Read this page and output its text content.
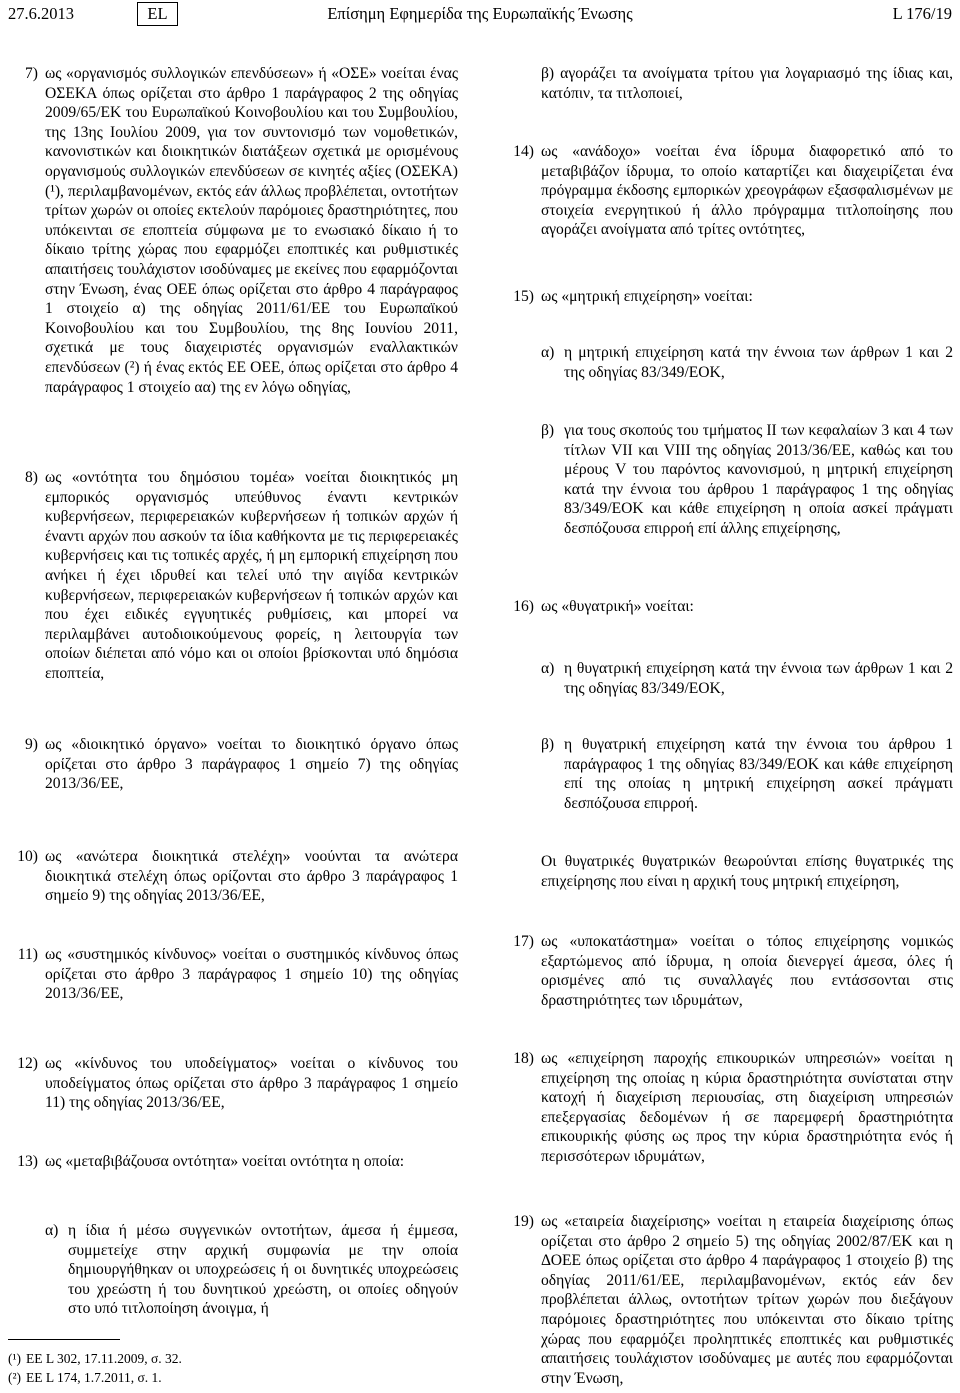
27.6.2013	EL	Επίσημη Εφημερίδα της Ευρωπαϊκής Ένωσης	L 176/19
7) ως «οργανισμός συλλογικών επενδύσεων» ή «ΟΣΕ» νοείται ένας ΟΣΕΚΑ όπως ορίζεται στο άρθρο 1 παράγραφος 2 της οδηγίας 2009/65/ΕΚ του Ευρωπαϊκού Κοινοβουλίου και του Συμβουλίου, της 13ης Ιουλίου 2009, για τον συντονισμό των νομοθετικών, κανονιστικών και διοικητικών διατάξεων σχετικά με ορισμένους οργανισμούς συλλογικών επενδύσεων σε κινητές αξίες (ΟΣΕΚΑ) (¹), περιλαμβανομένων, εκτός εάν άλλως προβλέπεται, οντοτήτων τρίτων χωρών οι οποίες εκτελούν παρόμοιες δραστηριότητες, που υπόκεινται σε εποπτεία σύμφωνα με το ενωσιακό δίκαιο ή το δίκαιο τρίτης χώρας που εφαρμόζει εποπτικές και ρυθμιστικές απαιτήσεις τουλάχιστον ισοδύναμες με εκείνες που εφαρμόζονται στην Ένωση, ένας ΟΕΕ όπως ορίζεται στο άρθρο 4 παράγραφος 1 στοιχείο α) της οδηγίας 2011/61/ΕΕ του Ευρωπαϊκού Κοινοβουλίου και του Συμβουλίου, της 8ης Ιουνίου 2011, σχετικά με τους διαχειριστές οργανισμών εναλλακτικών επενδύσεων (²) ή ένας εκτός ΕΕ ΟΕΕ, όπως ορίζεται στο άρθρο 4 παράγραφος 1 στοιχείο αα) της εν λόγω οδηγίας,
8) ως «οντότητα του δημόσιου τομέα» νοείται διοικητικός μη εμπορικός οργανισμός υπεύθυνος έναντι κεντρικών κυβερνήσεων, περιφερειακών κυβερνήσεων ή τοπικών αρχών ή έναντι αρχών που ασκούν τα ίδια καθήκοντα με τις περιφερειακές κυβερνήσεις και τις τοπικές αρχές, ή μη εμπορική επιχείρηση που ανήκει ή έχει ιδρυθεί και τελεί υπό την αιγίδα κεντρικών κυβερνήσεων, περιφερειακών κυβερνήσεων ή τοπικών αρχών και που έχει ειδικές εγγυητικές ρυθμίσεις, και μπορεί να περιλαμβάνει αυτοδιοικούμενους φορείς, η λειτουργία των οποίων διέπεται από νόμο και οι οποίοι βρίσκονται υπό δημόσια εποπτεία,
9) ως «διοικητικό όργανο» νοείται το διοικητικό όργανο όπως ορίζεται στο άρθρο 3 παράγραφος 1 σημείο 7) της οδηγίας 2013/36/ΕΕ,
10) ως «ανώτερα διοικητικά στελέχη» νοούνται τα ανώτερα διοικητικά στελέχη όπως ορίζονται στο άρθρο 3 παράγραφος 1 σημείο 9) της οδηγίας 2013/36/ΕΕ,
11) ως «συστημικός κίνδυνος» νοείται ο συστημικός κίνδυνος όπως ορίζεται στο άρθρο 3 παράγραφος 1 σημείο 10) της οδηγίας 2013/36/ΕΕ,
12) ως «κίνδυνος του υποδείγματος» νοείται ο κίνδυνος του υποδείγματος όπως ορίζεται στο άρθρο 3 παράγραφος 1 σημείο 11) της οδηγίας 2013/36/ΕΕ,
13) ως «μεταβιβάζουσα οντότητα» νοείται οντότητα η οποία:
α) η ίδια ή μέσω συγγενικών οντοτήτων, άμεσα ή έμμεσα, συμμετείχε στην αρχική συμφωνία με την οποία δημιουργήθηκαν οι υποχρεώσεις ή οι δυνητικές υποχρεώσεις του χρεώστη ή του δυνητικού χρεώστη, οι οποίες οδηγούν στο υπό τιτλοποίηση άνοιγμα, ή
β) αγοράζει τα ανοίγματα τρίτου για λογαριασμό της ίδιας και, κατόπιν, τα τιτλοποιεί,
14) ως «ανάδοχο» νοείται ένα ίδρυμα διαφορετικό από το μεταβιβάζον ίδρυμα, το οποίο καταρτίζει και διαχειρίζεται ένα πρόγραμμα έκδοσης εμπορικών χρεογράφων εξασφαλισμένων με στοιχεία ενεργητικού ή άλλο πρόγραμμα τιτλοποίησης που αγοράζει ανοίγματα από τρίτες οντότητες,
15) ως «μητρική επιχείρηση» νοείται:
α) η μητρική επιχείρηση κατά την έννοια των άρθρων 1 και 2 της οδηγίας 83/349/ΕΟΚ,
β) για τους σκοπούς του τμήματος II των κεφαλαίων 3 και 4 των τίτλων VII και VIII της οδηγίας 2013/36/ΕΕ, καθώς και του μέρους V του παρόντος κανονισμού, η μητρική επιχείρηση κατά την έννοια του άρθρου 1 παράγραφος 1 της οδηγίας 83/349/ΕΟΚ και κάθε επιχείρηση η οποία ασκεί πράγματι δεσπόζουσα επιρροή επί άλλης επιχείρησης,
16) ως «θυγατρική» νοείται:
α) η θυγατρική επιχείρηση κατά την έννοια των άρθρων 1 και 2 της οδηγίας 83/349/ΕΟΚ,
β) η θυγατρική επιχείρηση κατά την έννοια του άρθρου 1 παράγραφος 1 της οδηγίας 83/349/ΕΟΚ και κάθε επιχείρηση επί της οποίας η μητρική επιχείρηση ασκεί πράγματι δεσπόζουσα επιρροή.
Οι θυγατρικές θυγατρικών θεωρούνται επίσης θυγατρικές της επιχείρησης που είναι η αρχική τους μητρική επιχείρηση,
17) ως «υποκατάστημα» νοείται ο τόπος επιχείρησης νομικώς εξαρτώμενος από ίδρυμα, η οποία διενεργεί άμεσα, όλες ή ορισμένες από τις συναλλαγές που εντάσσονται στις δραστηριότητες των ιδρυμάτων,
18) ως «επιχείρηση παροχής επικουρικών υπηρεσιών» νοείται η επιχείρηση της οποίας η κύρια δραστηριότητα συνίσταται στην κατοχή ή διαχείριση περιουσίας, στη διαχείριση υπηρεσιών επεξεργασίας δεδομένων ή σε παρεμφερή δραστηριότητα επικουρικής φύσης ως προς την κύρια δραστηριότητα ενός ή περισσότερων ιδρυμάτων,
19) ως «εταιρεία διαχείρισης» νοείται η εταιρεία διαχείρισης όπως ορίζεται στο άρθρο 2 σημείο 5) της οδηγίας 2002/87/ΕΚ και η ΔΟΕΕ όπως ορίζεται στο άρθρο 4 παράγραφος 1 στοιχείο β) της οδηγίας 2011/61/ΕΕ, περιλαμβανομένων, εκτός εάν δεν προβλέπεται άλλως, οντοτήτων τρίτων χωρών που διεξάγουν παρόμοιες δραστηριότητες που υπόκεινται στο δίκαιο τρίτης χώρας που εφαρμόζει προληπτικές εποπτικές και ρυθμιστικές απαιτήσεις τουλάχιστον ισοδύναμες με αυτές που εφαρμόζονται στην Ένωση,
(¹) ΕΕ L 302, 17.11.2009, σ. 32.
(²) ΕΕ L 174, 1.7.2011, σ. 1.
